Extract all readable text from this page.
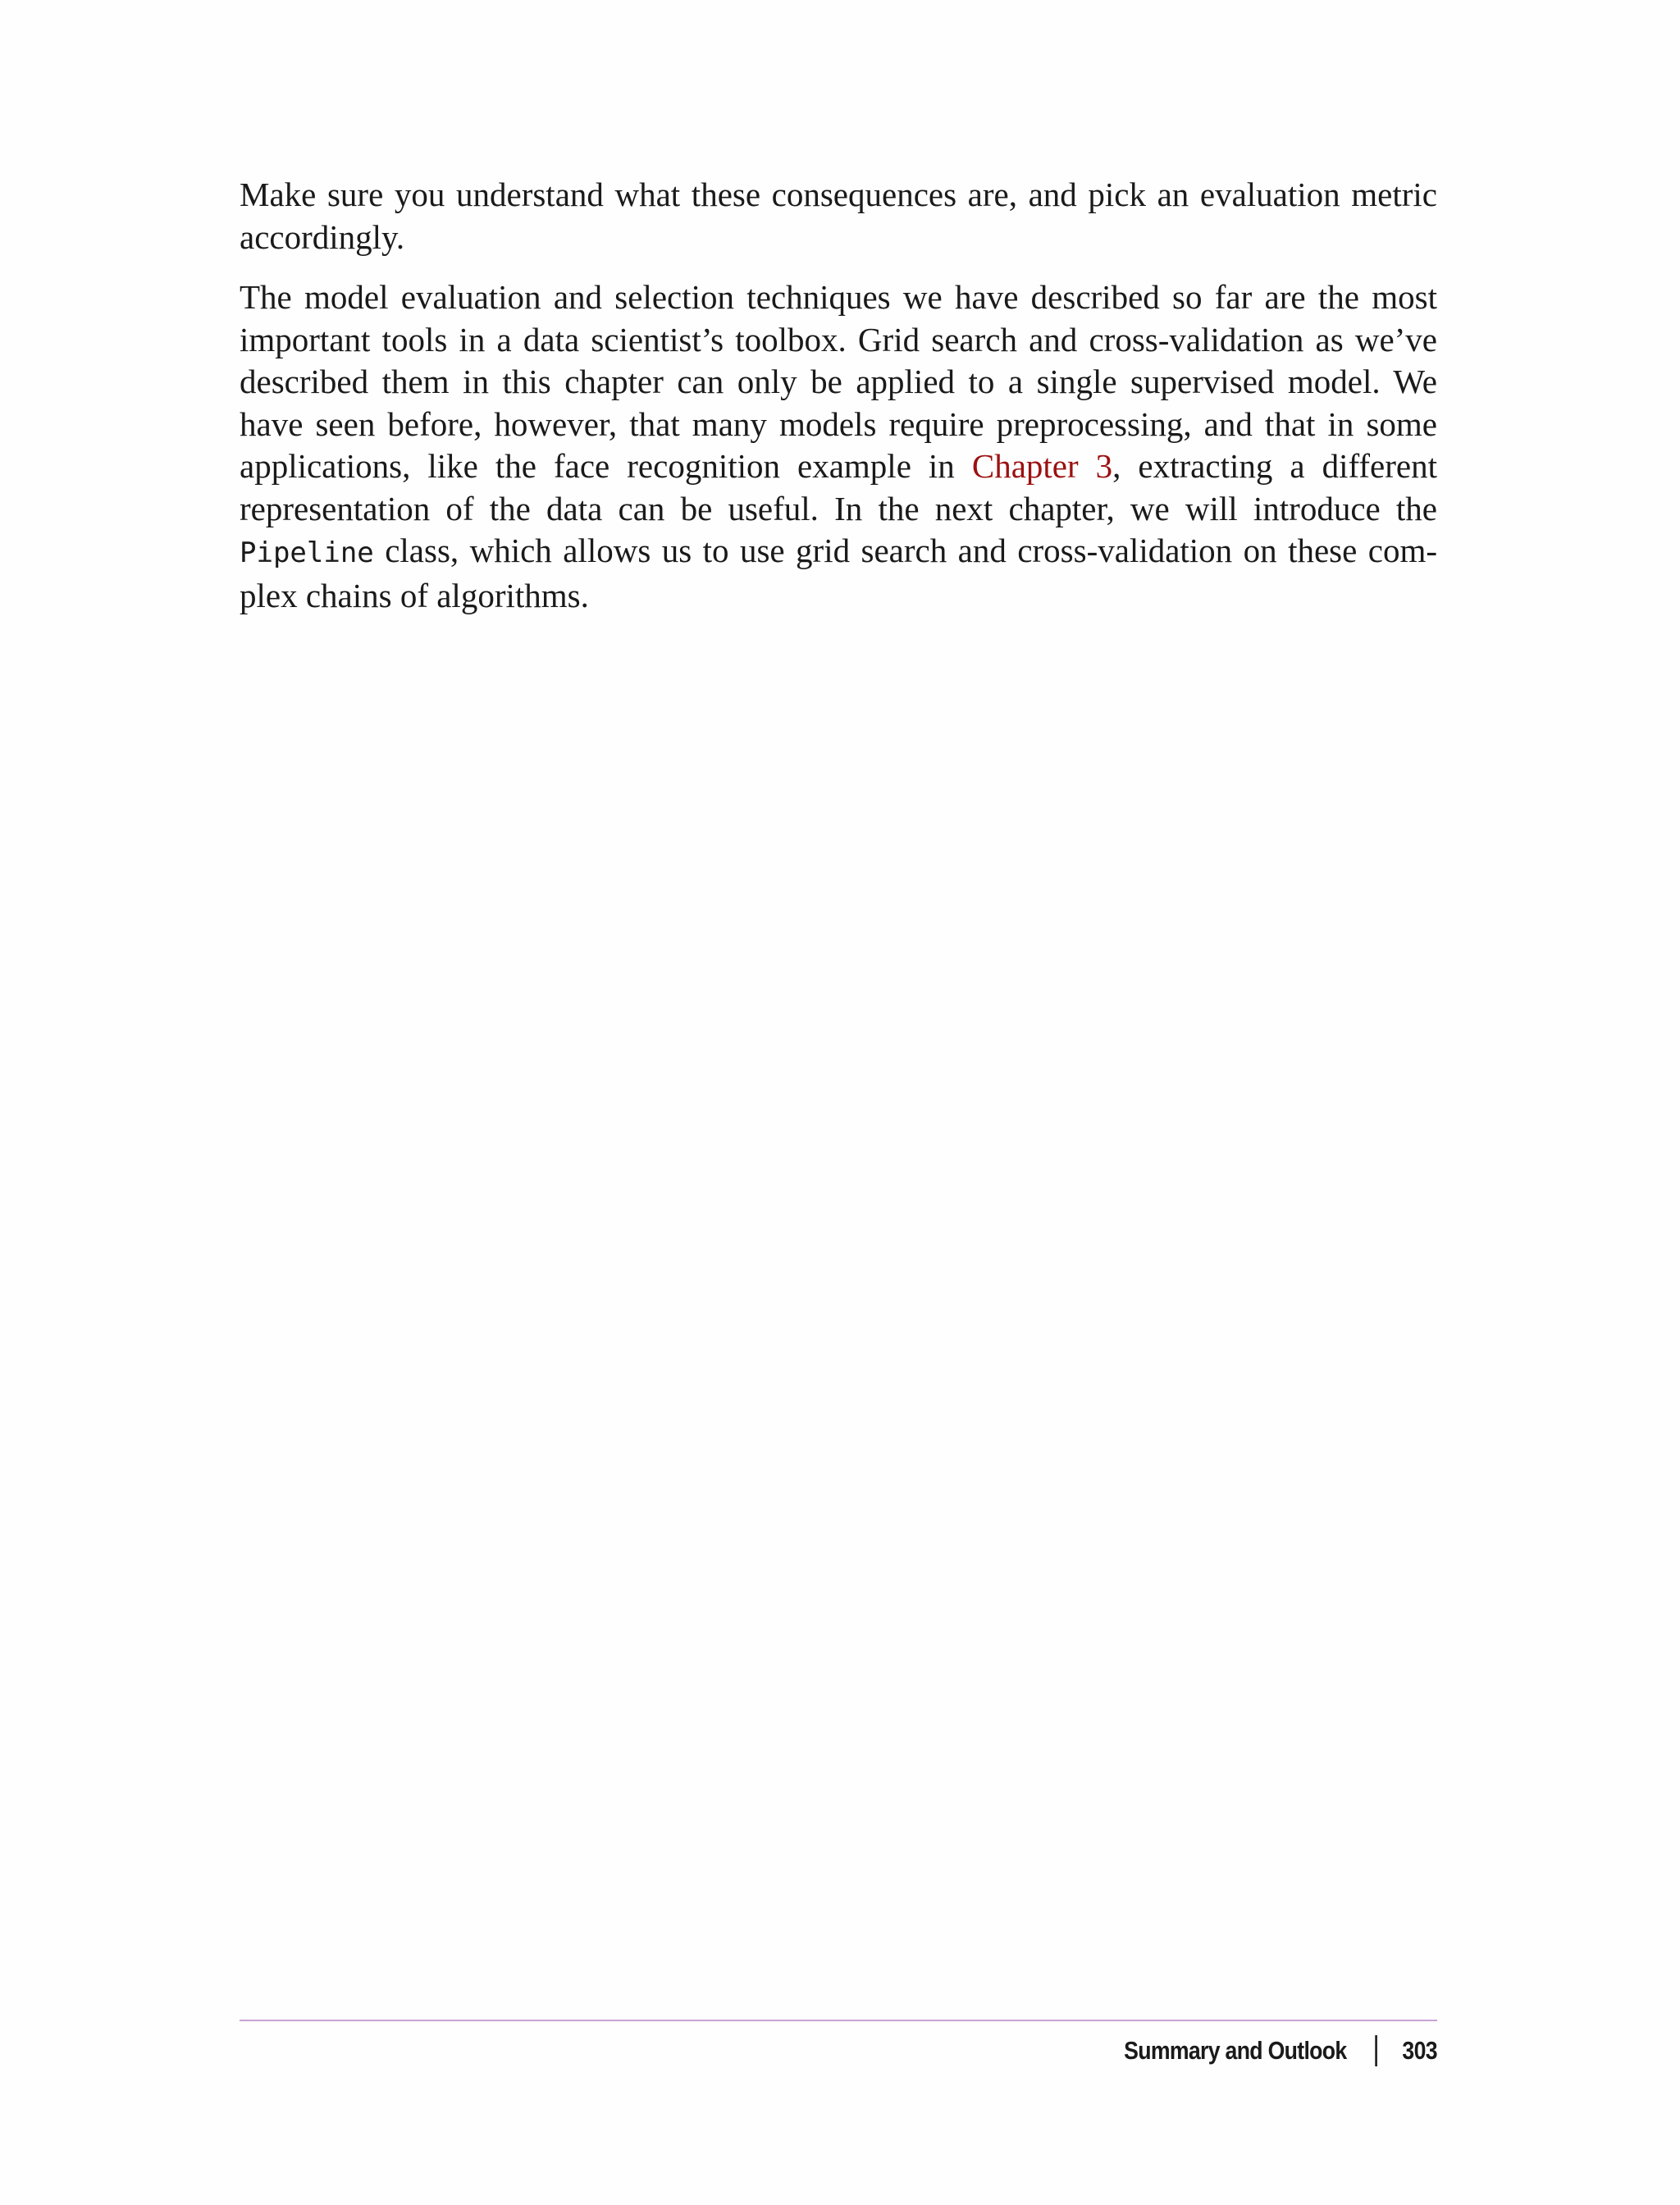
Make sure you understand what these consequences are, and pick an evaluation metric accordingly.

The model evaluation and selection techniques we have described so far are the most important tools in a data scientist’s toolbox. Grid search and cross-validation as we’ve described them in this chapter can only be applied to a single supervised model. We have seen before, however, that many models require preprocessing, and that in some applications, like the face recognition example in Chapter 3, extracting a different representation of the data can be useful. In the next chapter, we will introduce the Pipeline class, which allows us to use grid search and cross-validation on these complex chains of algorithms.

Summary and Outlook 303
